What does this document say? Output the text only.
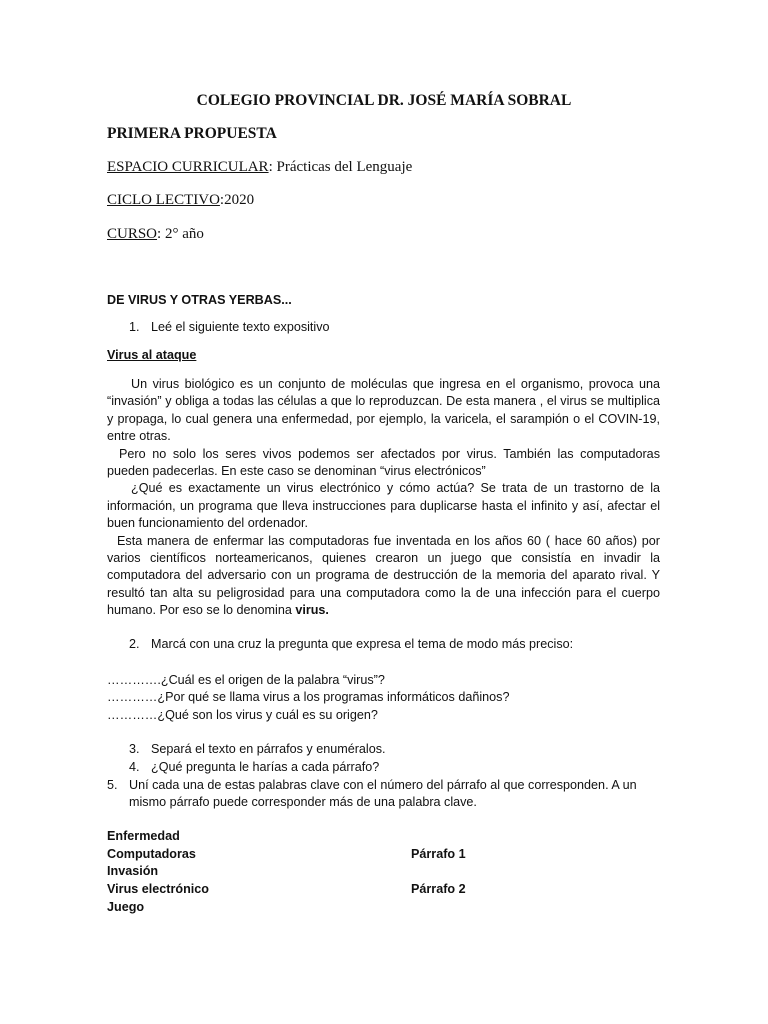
COLEGIO PROVINCIAL DR. JOSÉ MARÍA SOBRAL
PRIMERA PROPUESTA
ESPACIO CURRICULAR: Prácticas del Lenguaje
CICLO LECTIVO:2020
CURSO: 2° año
DE VIRUS Y OTRAS YERBAS...
1. Leé el siguiente texto expositivo
Virus al ataque

Un virus biológico es un conjunto de moléculas que ingresa en el organismo, provoca una “invasión” y obliga a todas las células a que lo reproduzcan. De esta manera , el virus se multiplica y propaga, lo cual genera una enfermedad, por ejemplo, la varicela, el sarampión o el COVIN-19, entre otras.

Pero no solo los seres vivos podemos ser afectados por virus. También las computadoras pueden padecerlas. En este caso se denominan “virus electrónicos”

¿Qué es exactamente un virus electrónico y cómo actúa? Se trata de un trastorno de la información, un programa que lleva instrucciones para duplicarse hasta el infinito y así, afectar el buen funcionamiento del ordenador.

Esta manera de enfermar las computadoras fue inventada en los años 60 ( hace 60 años) por varios científicos norteamericanos, quienes crearon un juego que consistía en invadir la computadora del adversario con un programa de destrucción de la memoria del aparato rival. Y resultó tan alta su peligrosidad para una computadora como la de una infección para el cuerpo humano. Por eso se lo denomina virus.

2. Marcá con una cruz la pregunta que expresa el tema de modo más preciso:
………….¿Cuál es el origen de la palabra “virus”?
…………¿Por qué se llama virus a los programas informáticos dañinos?
…………¿Qué son los virus y cuál es su origen?
3. Separá el texto en párrafos y enuméralos.
4. ¿Qué pregunta le harías a cada párrafo?
5. Uní cada una de estas palabras clave con el número del párrafo al que corresponden. A un mismo párrafo puede corresponder más de una palabra clave.
Enfermedad
Computadoras
Invasión
Virus electrónico
Juego
Párrafo 1
Párrafo 2
